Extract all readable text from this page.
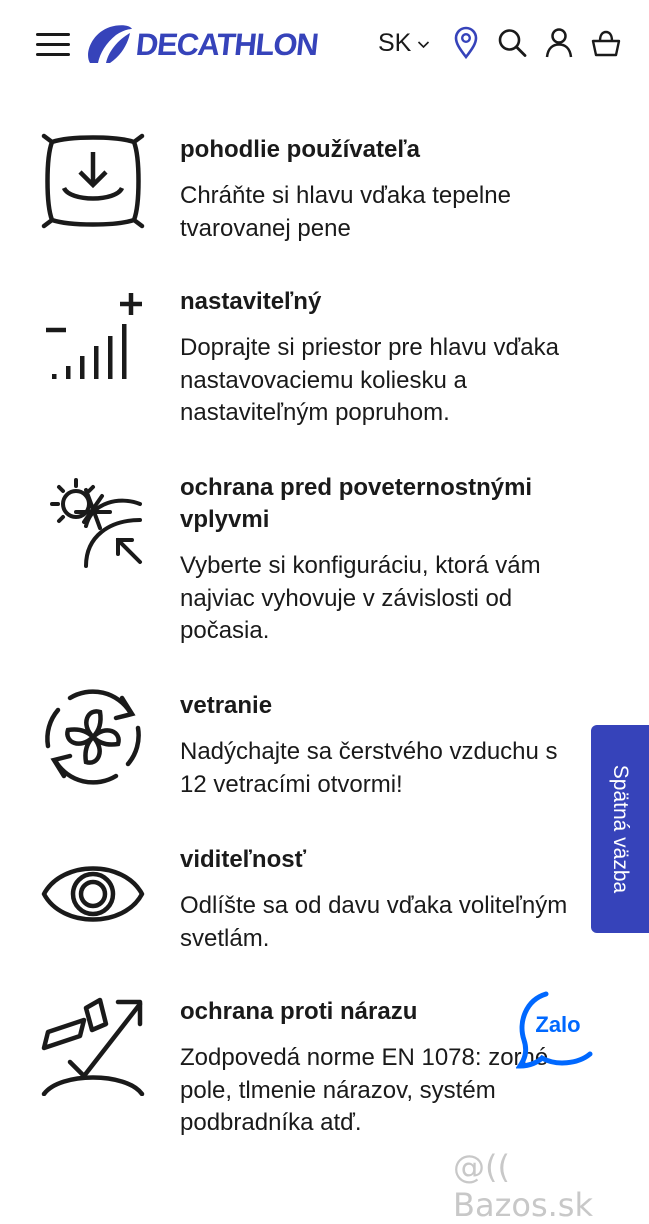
DECATHLON SK
pohodlie používateľa
Chráňte si hlavu vďaka tepelne tvarovanej pene
nastaviteľný
Doprajte si priestor pre hlavu vďaka nastavovaciemu koliesku a nastaviteľným popruhom.
ochrana pred poveternostnými vplyvmi
Vyberte si konfiguráciu, ktorá vám najviac vyhovuje v závislosti od počasia.
vetranie
Nadýchajte sa čerstvého vzduchu s 12 vetracími otvormi!
viditeľnosť
Odlíšte sa od davu vďaka voliteľným svetlám.
ochrana proti nárazu
Zodpovedá norme EN 1078: zorné pole, tlmenie nárazov, systém podbradníka atď.
Spätná väzba
Zalo
@(( Bazos.sk
